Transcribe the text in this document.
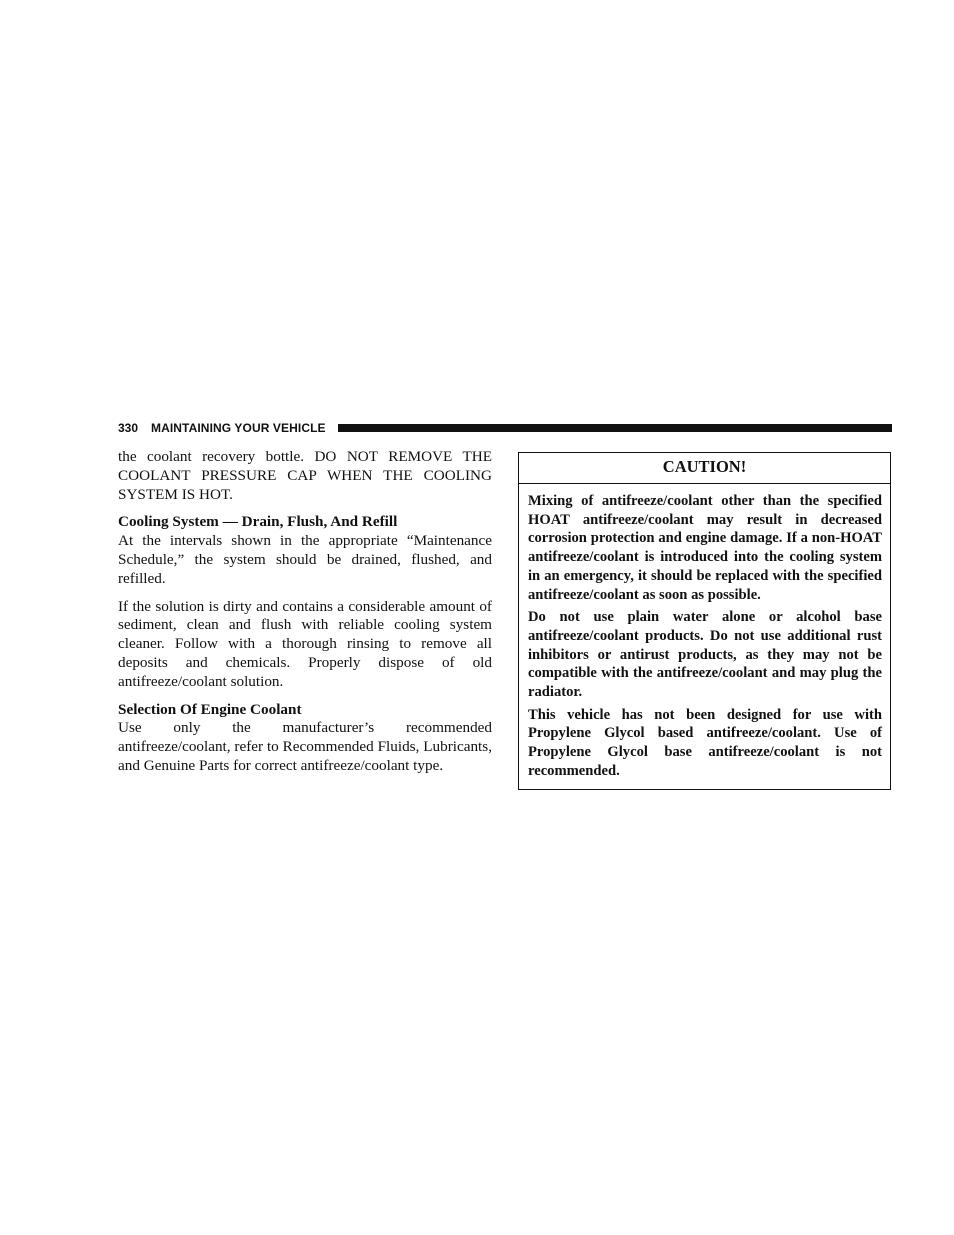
330 MAINTAINING YOUR VEHICLE

the coolant recovery bottle. DO NOT REMOVE THE COOLANT PRESSURE CAP WHEN THE COOLING SYSTEM IS HOT.

Cooling System — Drain, Flush, And Refill

At the intervals shown in the appropriate “Maintenance Schedule,” the system should be drained, flushed, and refilled.

If the solution is dirty and contains a considerable amount of sediment, clean and flush with reliable cooling system cleaner. Follow with a thorough rinsing to remove all deposits and chemicals. Properly dispose of old antifreeze/coolant solution.

Selection Of Engine Coolant

Use only the manufacturer’s recommended antifreeze/coolant, refer to Recommended Fluids, Lubricants, and Genuine Parts for correct antifreeze/coolant type.

CAUTION!

Mixing of antifreeze/coolant other than the specified HOAT antifreeze/coolant may result in decreased corrosion protection and engine damage. If a non-HOAT antifreeze/coolant is introduced into the cooling system in an emergency, it should be replaced with the specified antifreeze/coolant as soon as possible.

Do not use plain water alone or alcohol base antifreeze/coolant products. Do not use additional rust inhibitors or antirust products, as they may not be compatible with the antifreeze/coolant and may plug the radiator.

This vehicle has not been designed for use with Propylene Glycol based antifreeze/coolant. Use of Propylene Glycol base antifreeze/coolant is not recommended.
